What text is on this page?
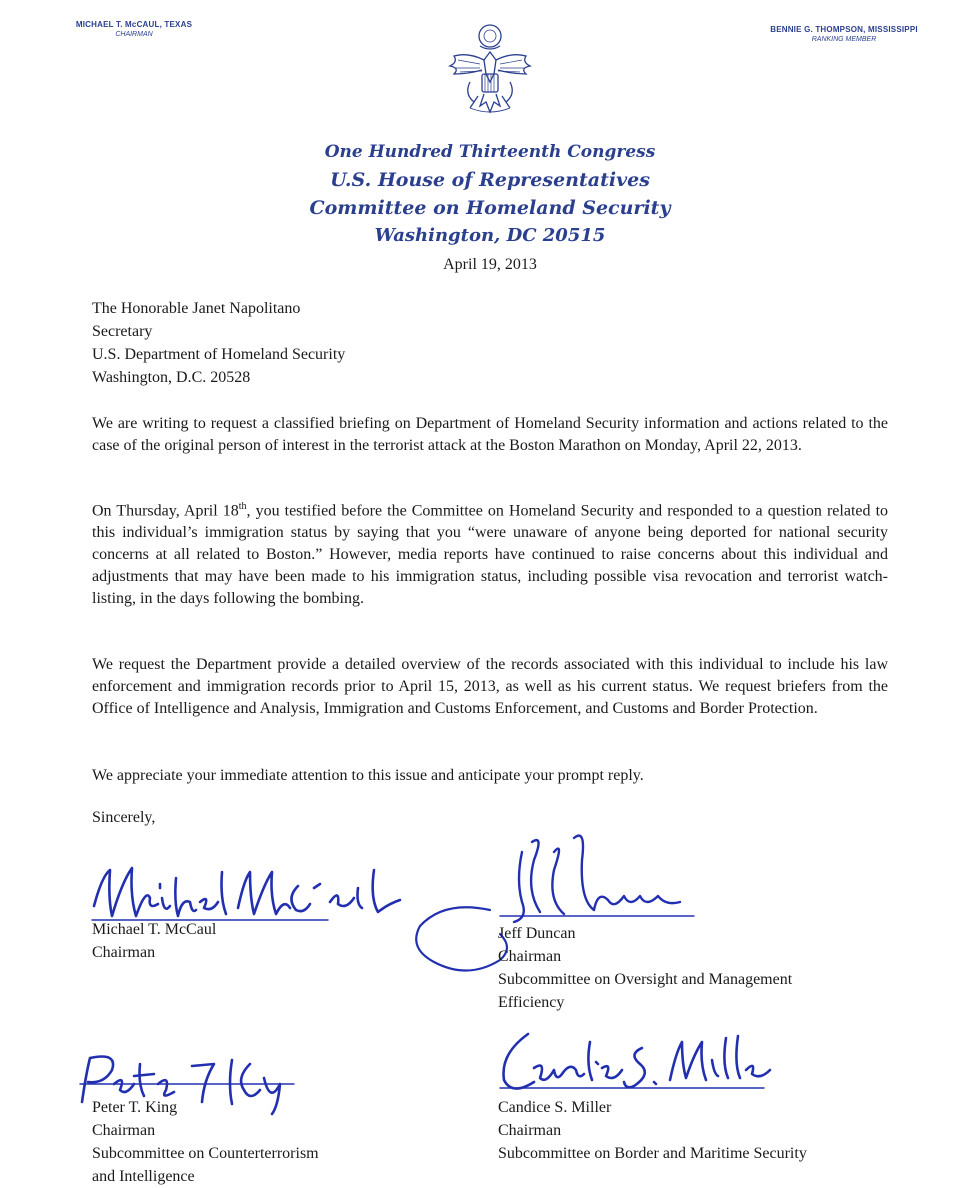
MICHAEL T. McCAUL, TEXAS
CHAIRMAN
BENNIE G. THOMPSON, MISSISSIPPI
RANKING MEMBER
One Hundred Thirteenth Congress
U.S. House of Representatives
Committee on Homeland Security
Washington, DC 20515
April 19, 2013
The Honorable Janet Napolitano
Secretary
U.S. Department of Homeland Security
Washington, D.C. 20528

We are writing to request a classified briefing on Department of Homeland Security information and actions related to the case of the original person of interest in the terrorist attack at the Boston Marathon on Monday, April 22, 2013.

On Thursday, April 18th, you testified before the Committee on Homeland Security and responded to a question related to this individual’s immigration status by saying that you “were unaware of anyone being deported for national security concerns at all related to Boston.” However, media reports have continued to raise concerns about this individual and adjustments that may have been made to his immigration status, including possible visa revocation and terrorist watch-listing, in the days following the bombing.

We request the Department provide a detailed overview of the records associated with this individual to include his law enforcement and immigration records prior to April 15, 2013, as well as his current status. We request briefers from the Office of Intelligence and Analysis, Immigration and Customs Enforcement, and Customs and Border Protection.

We appreciate your immediate attention to this issue and anticipate your prompt reply.

Sincerely,
Michael T. McCaul
Chairman
Jeff Duncan
Chairman
Subcommittee on Oversight and Management
Efficiency
Peter T. King
Chairman
Subcommittee on Counterterrorism
and Intelligence
Candice S. Miller
Chairman
Subcommittee on Border and Maritime Security
